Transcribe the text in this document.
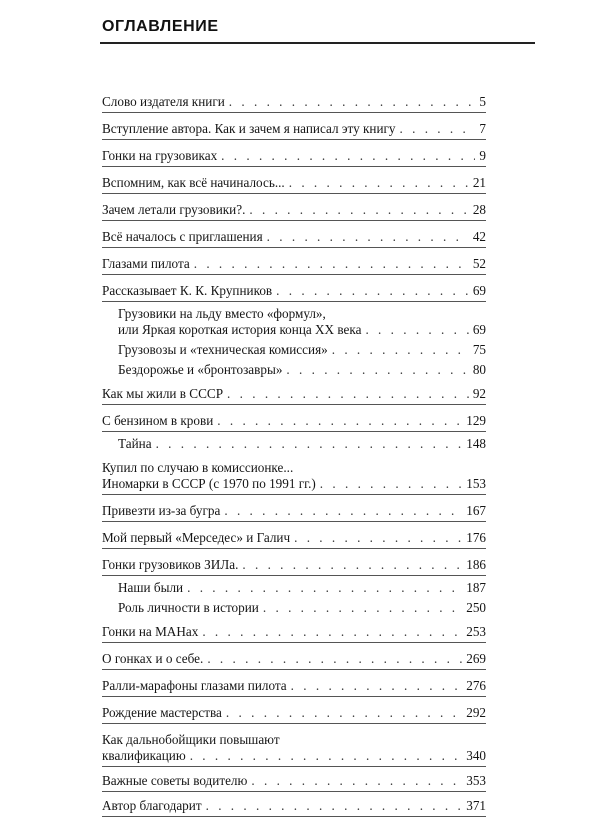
ОГЛАВЛЕНИЕ
Слово издателя книги . . .	5
Вступление автора. Как и зачем я написал эту книгу . . .	7
Гонки на грузовиках . . .	9
Вспомним, как всё начиналось... . . .	21
Зачем летали грузовики?. . . .	28
Всё началось с приглашения . . .	42
Глазами пилота . . .	52
Рассказывает К. К. Крупников . . .	69
Грузовики на льду вместо «формул»,
или Яркая короткая история конца XX века . . .	69
Грузовозы и «техническая комиссия» . . .	75
Бездорожье и «бронтозавры» . . .	80
Как мы жили в СССР . . .	92
С бензином в крови . . .	129
Тайна . . .	148
Купил по случаю в комиссионке...
Иномарки в СССР (с 1970 по 1991 гг.) . . .	153
Привезти из-за бугра . . .	167
Мой первый «Мерседес» и Галич . . .	176
Гонки грузовиков ЗИЛа. . . .	186
Наши были . . .	187
Роль личности в истории . . .	250
Гонки на МАНах . . .	253
О гонках и о себе. . . .	269
Ралли-марафоны глазами пилота . . .	276
Рождение мастерства . . .	292
Как дальнобойщики повышают
квалификацию . . .	340
Важные советы водителю . . .	353
Автор благодарит . . .	371
